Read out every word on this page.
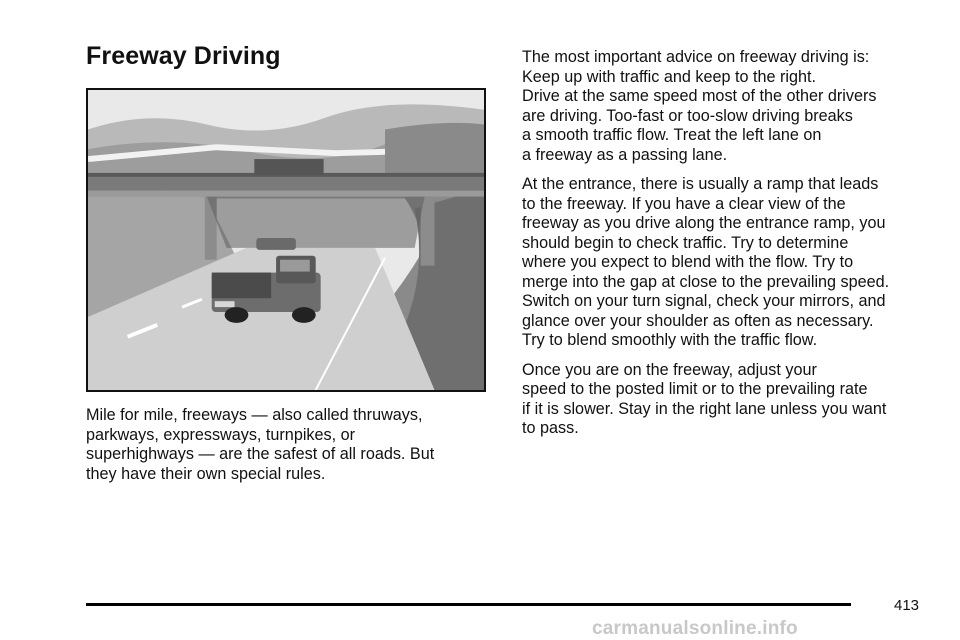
Freeway Driving

Mile for mile, freeways — also called thruways,
parkways, expressways, turnpikes, or
superhighways — are the safest of all roads. But
they have their own special rules.

The most important advice on freeway driving is:
Keep up with traffic and keep to the right.
Drive at the same speed most of the other drivers
are driving. Too-fast or too-slow driving breaks
a smooth traffic flow. Treat the left lane on
a freeway as a passing lane.

At the entrance, there is usually a ramp that leads
to the freeway. If you have a clear view of the
freeway as you drive along the entrance ramp, you
should begin to check traffic. Try to determine
where you expect to blend with the flow. Try to
merge into the gap at close to the prevailing speed.
Switch on your turn signal, check your mirrors, and
glance over your shoulder as often as necessary.
Try to blend smoothly with the traffic flow.

Once you are on the freeway, adjust your
speed to the posted limit or to the prevailing rate
if it is slower. Stay in the right lane unless you want
to pass.

413
carmanualsonline.info
